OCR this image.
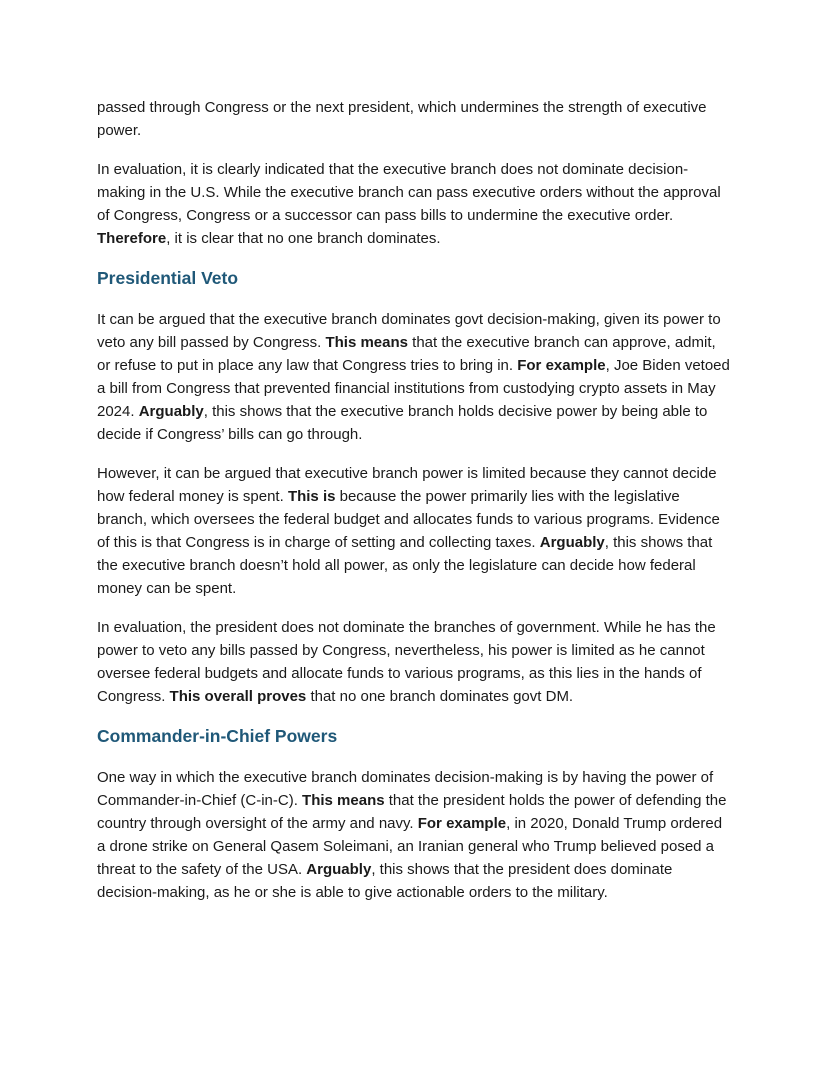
passed through Congress or the next president, which undermines the strength of executive power.

In evaluation, it is clearly indicated that the executive branch does not dominate decision-making in the U.S. While the executive branch can pass executive orders without the approval of Congress, Congress or a successor can pass bills to undermine the executive order. Therefore, it is clear that no one branch dominates.

Presidential Veto

It can be argued that the executive branch dominates govt decision-making, given its power to veto any bill passed by Congress. This means that the executive branch can approve, admit, or refuse to put in place any law that Congress tries to bring in. For example, Joe Biden vetoed a bill from Congress that prevented financial institutions from custodying crypto assets in May 2024. Arguably, this shows that the executive branch holds decisive power by being able to decide if Congress’ bills can go through.

However, it can be argued that executive branch power is limited because they cannot decide how federal money is spent. This is because the power primarily lies with the legislative branch, which oversees the federal budget and allocates funds to various programs. Evidence of this is that Congress is in charge of setting and collecting taxes. Arguably, this shows that the executive branch doesn’t hold all power, as only the legislature can decide how federal money can be spent.

In evaluation, the president does not dominate the branches of government. While he has the power to veto any bills passed by Congress, nevertheless, his power is limited as he cannot oversee federal budgets and allocate funds to various programs, as this lies in the hands of Congress. This overall proves that no one branch dominates govt DM.

Commander-in-Chief Powers

One way in which the executive branch dominates decision-making is by having the power of Commander-in-Chief (C-in-C). This means that the president holds the power of defending the country through oversight of the army and navy. For example, in 2020, Donald Trump ordered a drone strike on General Qasem Soleimani, an Iranian general who Trump believed posed a threat to the safety of the USA. Arguably, this shows that the president does dominate decision-making, as he or she is able to give actionable orders to the military.
